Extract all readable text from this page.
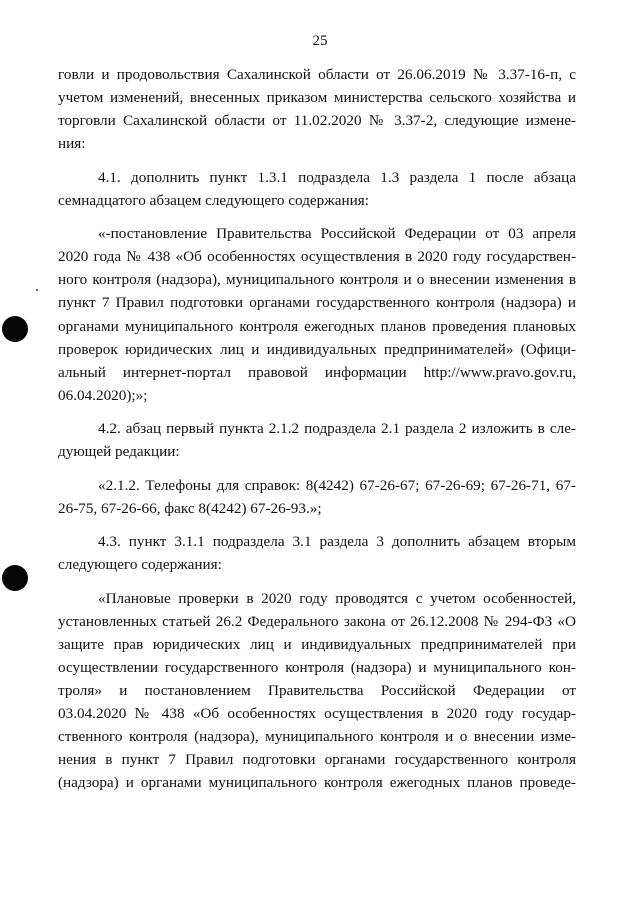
25

говли и продовольствия Сахалинской области от 26.06.2019 № 3.37-16-п, с
учетом изменений, внесенных приказом министерства сельского хозяйства и
торговли Сахалинской области от 11.02.2020 № 3.37-2, следующие измене-
ния:

4.1. дополнить пункт 1.3.1 подраздела 1.3 раздела 1 после абзаца
семнадцатого абзацем следующего содержания:

«-постановление Правительства Российской Федерации от 03 апреля
2020 года № 438 «Об особенностях осуществления в 2020 году государствен-
ного контроля (надзора), муниципального контроля и о внесении изменения в
пункт 7 Правил подготовки органами государственного контроля (надзора) и
органами муниципального контроля ежегодных планов проведения плановых
проверок юридических лиц и индивидуальных предпринимателей» (Офици-
альный интернет-портал правовой информации http://www.pravo.gov.ru,
06.04.2020);»;

4.2. абзац первый пункта 2.1.2 подраздела 2.1 раздела 2 изложить в сле-
дующей редакции:

«2.1.2. Телефоны для справок: 8(4242) 67-26-67; 67-26-69; 67-26-71, 67-
26-75, 67-26-66, факс 8(4242) 67-26-93.»;

4.3. пункт 3.1.1 подраздела 3.1 раздела 3 дополнить абзацем вторым
следующего содержания:

«Плановые проверки в 2020 году проводятся с учетом особенностей,
установленных статьей 26.2 Федерального закона от 26.12.2008 № 294-ФЗ «О
защите прав юридических лиц и индивидуальных предпринимателей при
осуществлении государственного контроля (надзора) и муниципального кон-
троля» и постановлением Правительства Российской Федерации от
03.04.2020 № 438 «Об особенностях осуществления в 2020 году государ-
ственного контроля (надзора), муниципального контроля и о внесении изме-
нения в пункт 7 Правил подготовки органами государственного контроля
(надзора) и органами муниципального контроля ежегодных планов проведе-
